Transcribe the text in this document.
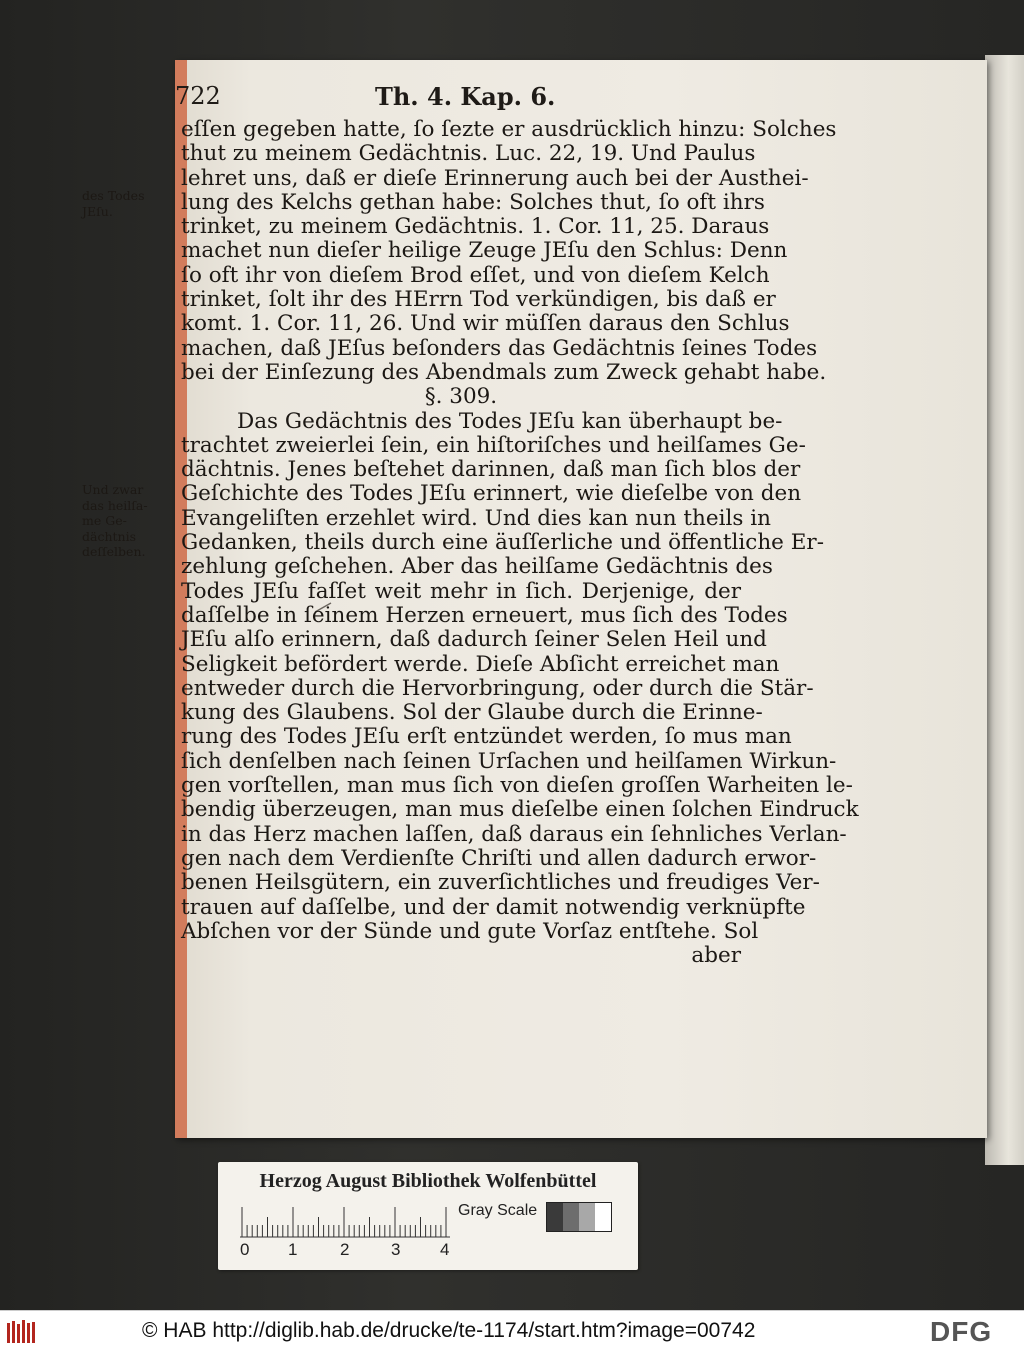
722	Th. 4. Kap. 6.
des Todes
JEſu.
Und zwar
das heilſa-
me Ge-
dächtnis
deſſelben.
eſſen gegeben hatte, ſo ſezte er ausdrücklich hinzu: Solches
thut zu meinem Gedächtnis. Luc. 22, 19. Und Paulus
lehret uns, daß er dieſe Erinnerung auch bei der Austhei-
lung des Kelchs gethan habe: Solches thut, ſo oft ihrs
trinket, zu meinem Gedächtnis. 1. Cor. 11, 25. Daraus
machet nun dieſer heilige Zeuge JEſu den Schlus: Denn
ſo oft ihr von dieſem Brod eſſet, und von dieſem Kelch
trinket, ſolt ihr des HErrn Tod verkündigen, bis daß er
komt. 1. Cor. 11, 26. Und wir müſſen daraus den Schlus
machen, daß JEſus beſonders das Gedächtnis ſeines Todes
bei der Einſezung des Abendmals zum Zweck gehabt habe.
§. 309.
Das Gedächtnis des Todes JEſu kan überhaupt be-
trachtet zweierlei ſein, ein hiſtoriſches und heilſames Ge-
dächtnis. Jenes beſtehet darinnen, daß man ſich blos der
Geſchichte des Todes JEſu erinnert, wie dieſelbe von den
Evangeliſten erzehlet wird. Und dies kan nun theils in
Gedanken, theils durch eine äuſſerliche und öffentliche Er-
zehlung geſchehen. Aber das heilſame Gedächtnis des
Todes JEſu faſſet weit mehr in ſich. Derjenige, der
daſſelbe in ſeinem Herzen erneuert, mus ſich des Todes
JEſu alſo erinnern, daß dadurch ſeiner Selen Heil und
Seligkeit befördert werde. Dieſe Abſicht erreichet man
entweder durch die Hervorbringung, oder durch die Stär-
kung des Glaubens. Sol der Glaube durch die Erinne-
rung des Todes JEſu erſt entzündet werden, ſo mus man
ſich denſelben nach ſeinen Urſachen und heilſamen Wirkun-
gen vorſtellen, man mus ſich von dieſen groſſen Warheiten le-
bendig überzeugen, man mus dieſelbe einen ſolchen Eindruck
in das Herz machen laſſen, daß daraus ein ſehnliches Verlan-
gen nach dem Verdienſte Chriſti und allen dadurch erwor-
benen Heilsgütern, ein zuverſichtliches und freudiges Ver-
trauen auf daſſelbe, und der damit notwendig verknüpfte
Abſchen vor der Sünde und gute Vorſaz entſtehe. Sol
aber
Herzog August Bibliothek Wolfenbüttel
0 1	2 3 4
Gray Scale
© HAB http://diglib.hab.de/drucke/te-1174/start.htm?image=00742	DFG
